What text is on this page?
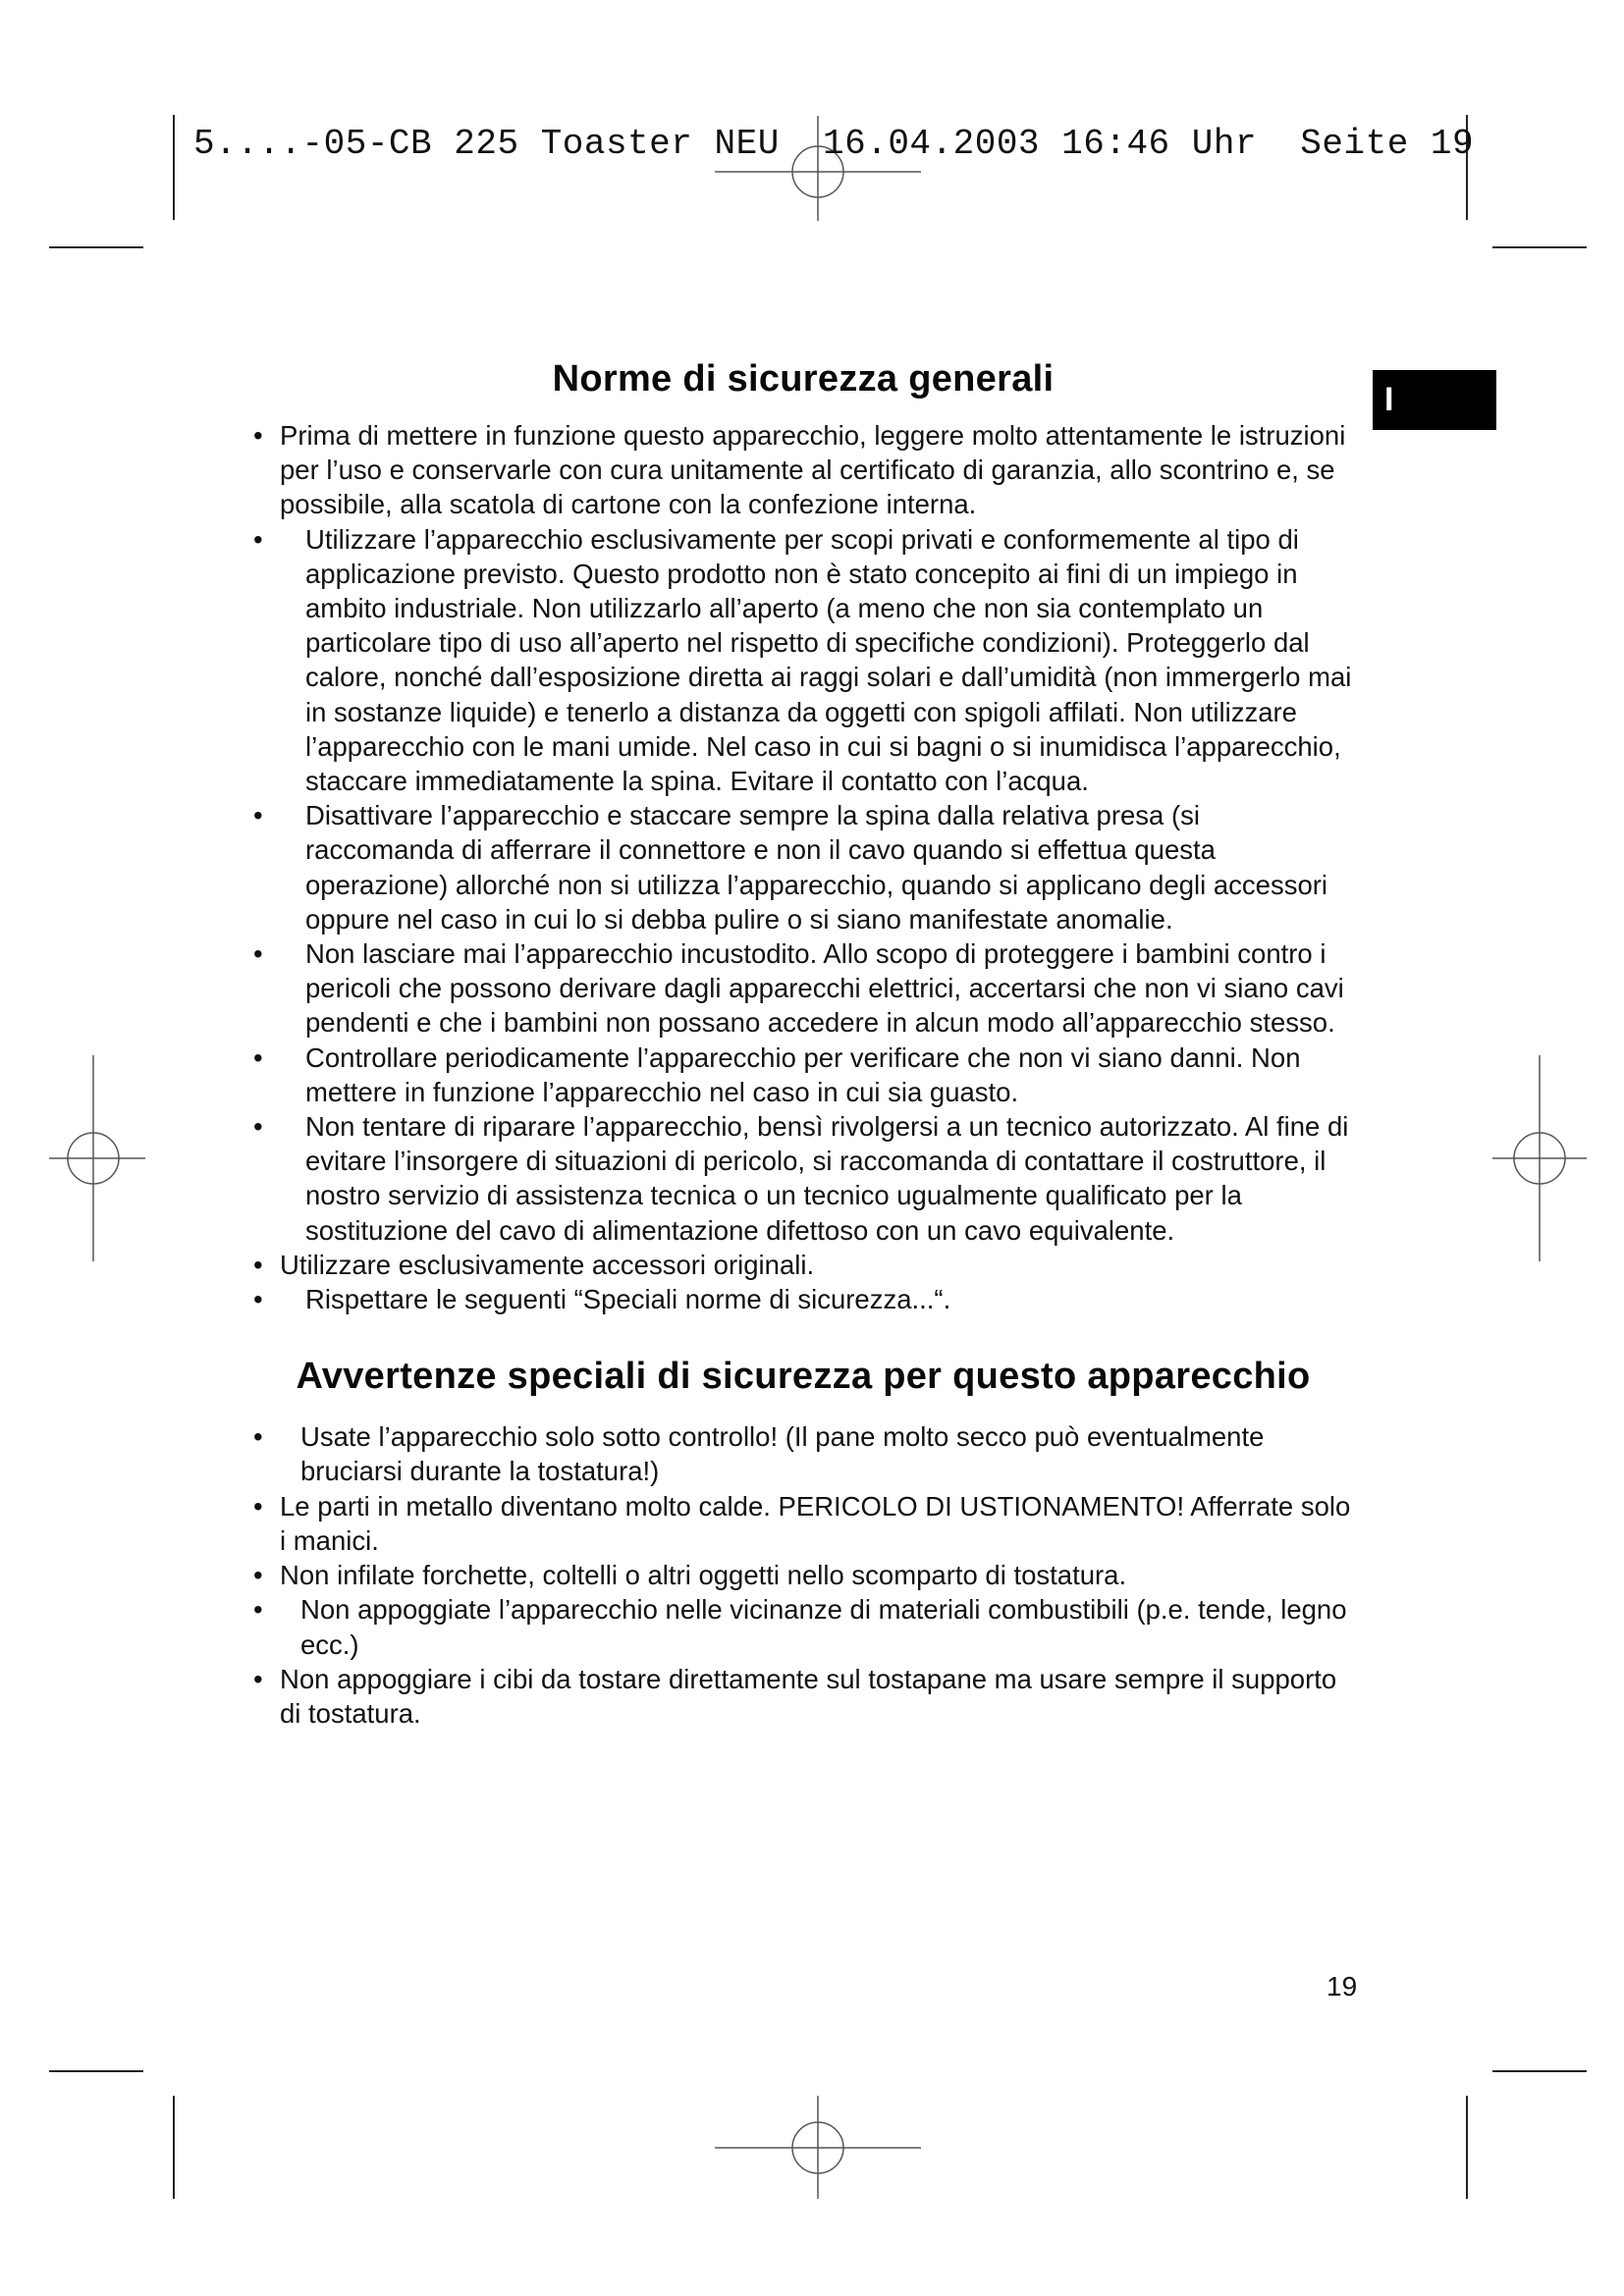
5....-05-CB 225 Toaster NEU  16.04.2003 16:46 Uhr  Seite 19
I
Norme di sicurezza generali
• Prima di mettere in funzione questo apparecchio, leggere molto attentamente le istruzioni per l’uso e conservarle con cura unitamente al certificato di garanzia, allo scontrino e, se possibile, alla scatola di cartone con la confezione interna.
• Utilizzare l’apparecchio esclusivamente per scopi privati e conformemente al tipo di applicazione previsto. Questo prodotto non è stato concepito ai fini di un impiego in ambito industriale. Non utilizzarlo all’aperto (a meno che non sia contemplato un particolare tipo di uso all’aperto nel rispetto di specifiche condizioni). Proteggerlo dal calore, nonché dall’esposizione diretta ai raggi solari e dall’umidità (non immergerlo mai in sostanze liquide) e tenerlo a distanza da oggetti con spigoli affilati. Non utilizzare l’apparecchio con le mani umide. Nel caso in cui si bagni o si inumidisca l’apparecchio, staccare immediatamente la spina. Evitare il contatto con l’acqua.
• Disattivare l’apparecchio e staccare sempre la spina dalla relativa presa (si raccomanda di afferrare il connettore e non il cavo quando si effettua questa operazione) allorché non si utilizza l’apparecchio, quando si applicano degli accessori oppure nel caso in cui lo si debba pulire o si siano manifestate anomalie.
• Non lasciare mai l’apparecchio incustodito. Allo scopo di proteggere i bambini contro i pericoli che possono derivare dagli apparecchi elettrici, accertarsi che non vi siano cavi pendenti e che i bambini non possano accedere in alcun modo all’apparecchio stesso.
• Controllare periodicamente l’apparecchio per verificare che non vi siano danni. Non mettere in funzione l’apparecchio nel caso in cui sia guasto.
• Non tentare di riparare l’apparecchio, bensì rivolgersi a un tecnico autorizzato. Al fine di evitare l’insorgere di situazioni di pericolo, si raccomanda di contattare il costruttore, il nostro servizio di assistenza tecnica o un tecnico ugualmente qualificato per la sostituzione del cavo di alimentazione difettoso con un cavo equivalente.
• Utilizzare esclusivamente accessori originali.
• Rispettare le seguenti “Speciali norme di sicurezza...“.
Avvertenze speciali di sicurezza per questo apparecchio
• Usate l’apparecchio solo sotto controllo! (Il pane molto secco può eventualmente bruciarsi durante la tostatura!)
• Le parti in metallo diventano molto calde. PERICOLO DI USTIONAMENTO! Afferrate solo i manici.
• Non infilate forchette, coltelli o altri oggetti nello scomparto di tostatura.
• Non appoggiate l’apparecchio nelle vicinanze di materiali combustibili (p.e. tende, legno ecc.)
• Non appoggiare i cibi da tostare direttamente sul tostapane ma usare sempre il supporto di tostatura.
19
